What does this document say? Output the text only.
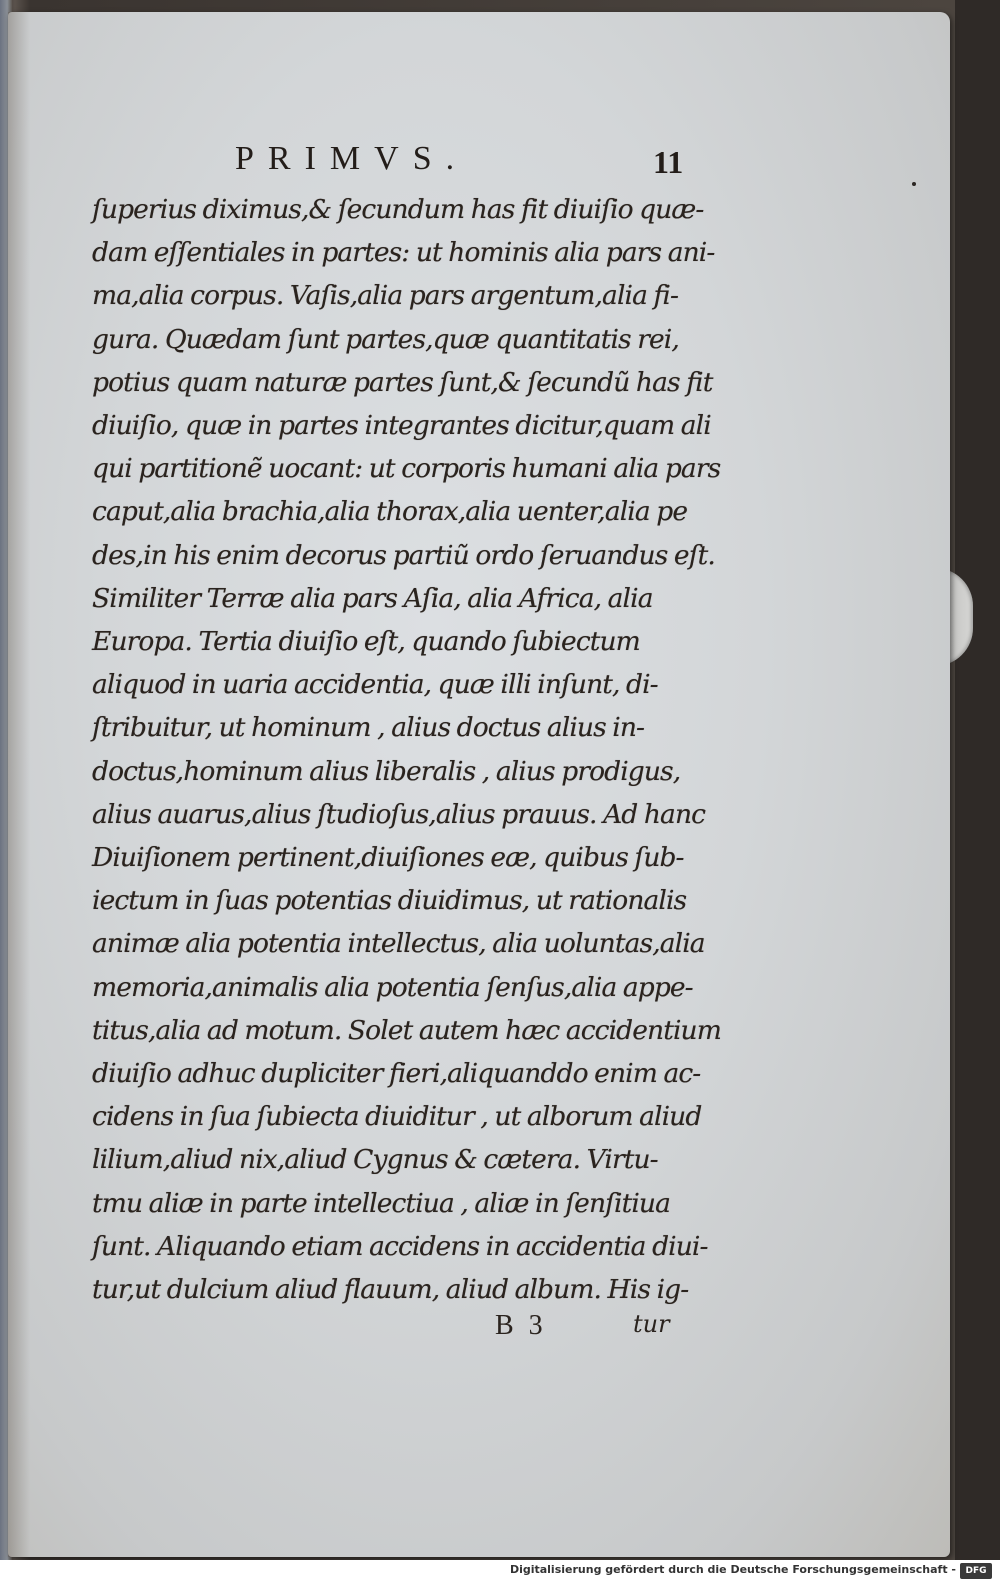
PRIMVS.	11
ſuperius diximus,& ſecundum has fit diuiſio quæ-
dam eſſentiales in partes: ut hominis alia pars ani-
ma,alia corpus. Vaſis,alia pars argentum,alia fi-
gura. Quædam ſunt partes,quæ quantitatis rei,
potius quam naturæ partes ſunt,& ſecundũ has fit
diuiſio, quæ in partes integrantes dicitur,quam ali
qui partitionẽ uocant: ut corporis humani alia pars
caput,alia brachia,alia thorax,alia uenter,alia pe
des,in his enim decorus partiũ ordo ſeruandus eſt.
Similiter Terræ alia pars Aſia, alia Africa, alia
Europa. Tertia diuiſio eſt, quando ſubiectum
aliquod in uaria accidentia, quæ illi inſunt, di-
ſtribuitur, ut hominum , alius doctus alius in-
doctus,hominum alius liberalis , alius prodigus,
alius auarus,alius ſtudioſus,alius prauus. Ad hanc
Diuiſionem pertinent,diuiſiones eæ, quibus ſub-
iectum in ſuas potentias diuidimus, ut rationalis
animæ alia potentia intellectus, alia uoluntas,alia
memoria,animalis alia potentia ſenſus,alia appe-
titus,alia ad motum. Solet autem hæc accidentium
diuiſio adhuc dupliciter fieri,aliquanddo enim ac-
cidens in ſua ſubiecta diuiditur , ut alborum aliud
lilium,aliud nix,aliud Cygnus & cætera. Virtu-
tmu aliæ in parte intellectiua , aliæ in ſenſitiua
ſunt. Aliquando etiam accidens in accidentia diui-
tur,ut dulcium aliud flauum, aliud album. His ig-
B 3	tur
Digitalisierung gefördert durch die Deutsche Forschungsgemeinschaft -	DFG
